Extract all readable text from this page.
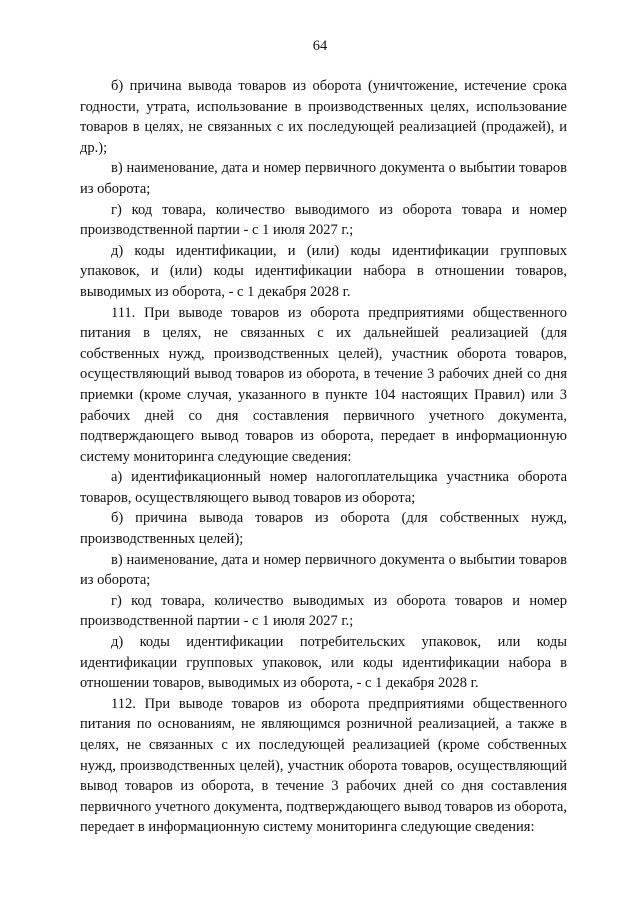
64

б) причина вывода товаров из оборота (уничтожение, истечение срока годности, утрата, использование в производственных целях, использование товаров в целях, не связанных с их последующей реализацией (продажей), и др.);

в) наименование, дата и номер первичного документа о выбытии товаров из оборота;

г) код товара, количество выводимого из оборота товара и номер производственной партии - с 1 июля 2027 г.;

д) коды идентификации, и (или) коды идентификации групповых упаковок, и (или) коды идентификации набора в отношении товаров, выводимых из оборота, - с 1 декабря 2028 г.

111. При выводе товаров из оборота предприятиями общественного питания в целях, не связанных с их дальнейшей реализацией (для собственных нужд, производственных целей), участник оборота товаров, осуществляющий вывод товаров из оборота, в течение 3 рабочих дней со дня приемки (кроме случая, указанного в пункте 104 настоящих Правил) или 3 рабочих дней со дня составления первичного учетного документа, подтверждающего вывод товаров из оборота, передает в информационную систему мониторинга следующие сведения:

а) идентификационный номер налогоплательщика участника оборота товаров, осуществляющего вывод товаров из оборота;

б) причина вывода товаров из оборота (для собственных нужд, производственных целей);

в) наименование, дата и номер первичного документа о выбытии товаров из оборота;

г) код товара, количество выводимых из оборота товаров и номер производственной партии - с 1 июля 2027 г.;

д) коды идентификации потребительских упаковок, или коды идентификации групповых упаковок, или коды идентификации набора в отношении товаров, выводимых из оборота, - с 1 декабря 2028 г.

112. При выводе товаров из оборота предприятиями общественного питания по основаниям, не являющимся розничной реализацией, а также в целях, не связанных с их последующей реализацией (кроме собственных нужд, производственных целей), участник оборота товаров, осуществляющий вывод товаров из оборота, в течение 3 рабочих дней со дня составления первичного учетного документа, подтверждающего вывод товаров из оборота, передает в информационную систему мониторинга следующие сведения:
